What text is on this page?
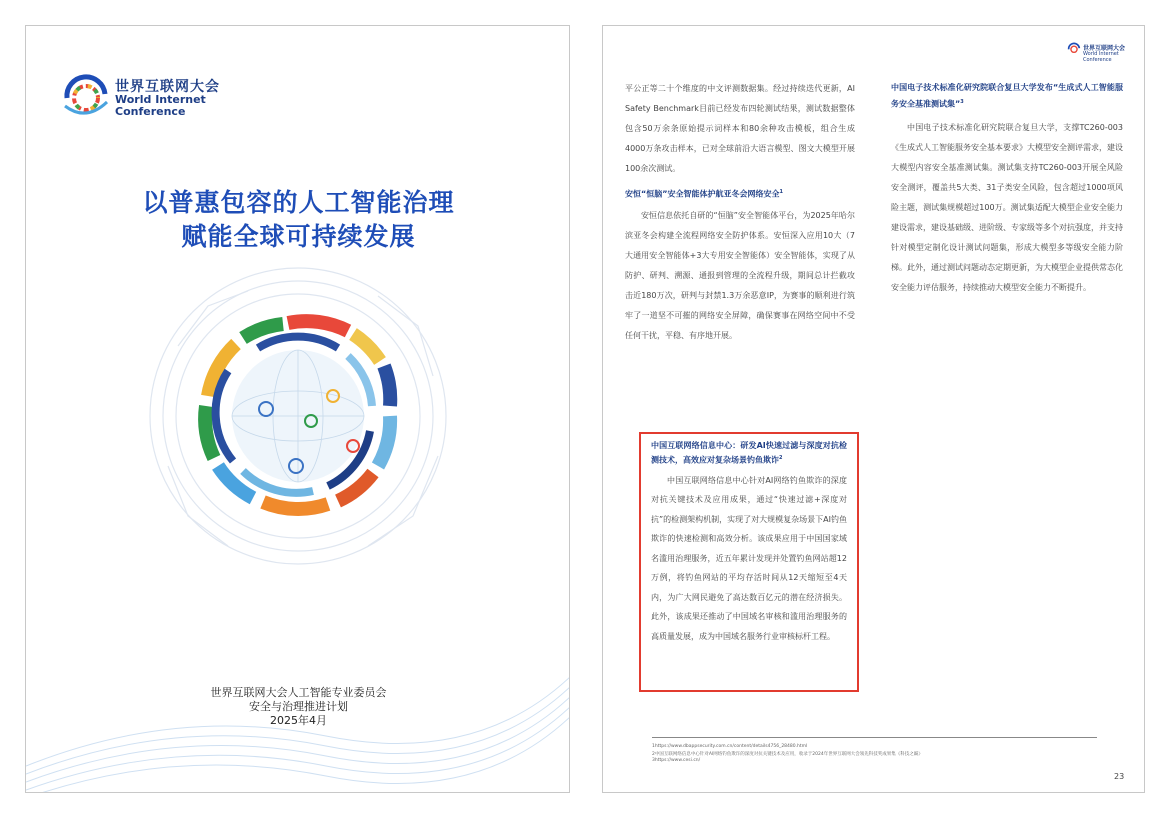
世界互联网大会
World Internet
Conference
以普惠包容的人工智能治理
赋能全球可持续发展
世界互联网大会人工智能专业委员会
安全与治理推进计划
2025年4月
世界互联网大会
World Internet
Conference

平公正等二十个维度的中文评测数据集。经过持续迭代更新，AI Safety Benchmark目前已经发布四轮测试结果，测试数据整体包含50万余条原始提示词样本和80余种攻击模板，组合生成 4000万条攻击样本，已对全球前沿大语言模型、图文大模型开展100余次测试。

安恒“恒脑”安全智能体护航亚冬会网络安全$^1$

安恒信息依托自研的“恒脑”安全智能体平台，为2025年哈尔滨亚冬会构建全流程网络安全防护体系。安恒深入应用10大（7大通用安全智能体+3大专用安全智能体）安全智能体，实现了从防护、研判、溯源、通报到管理的全流程升级，期间总计拦截攻击近180万次，研判与封禁1.3万余恶意IP，为赛事的顺利进行筑牢了一道坚不可摧的网络安全屏障，确保赛事在网络空间中不受任何干扰，平稳、有序地开展。

中国互联网络信息中心：研发AI快速过滤与深度对抗检测技术，高效应对复杂场景钓鱼欺诈$^2$

中国互联网络信息中心针对AI网络钓鱼欺诈的深度对抗关键技术及应用成果，通过“快速过滤+深度对抗”的检测架构机制，实现了对大规模复杂场景下AI钓鱼欺诈的快速检测和高效分析。该成果应用于中国国家域名滥用治理服务，近五年累计发现并处置钓鱼网站超12万例，将钓鱼网站的平均存活时间从12天缩短至4天内，为广大网民避免了高达数百亿元的潜在经济损失。此外，该成果还推动了中国域名审核和滥用治理服务的高质量发展，成为中国域名服务行业审核标杆工程。

中国电子技术标准化研究院联合复旦大学发布“生成式人工智能服务安全基准测试集”$^3$

中国电子技术标准化研究院联合复旦大学，支撑TC260-003《生成式人工智能服务安全基本要求》大模型安全测评需求，建设大模型内容安全基准测试集。测试集支持TC260-003开展全风险安全测评，覆盖共5大类、31子类安全风险，包含超过1000项风险主题，测试集规模超过100万。测试集适配大模型企业安全能力建设需求，建设基础级、进阶级、专家级等多个对抗强度，并支持针对模型定制化设计测试问题集，形成大模型多等级安全能力阶梯。此外，通过测试问题动态定期更新，为大模型企业提供常态化安全能力评估服务，持续推动大模型安全能力不断提升。

1https://www.dbappsecurity.com.cn/content/details4756_28480.html
2中国互联网络信息中心针对AI网络钓鱼欺诈的深度对抗关键技术及应用，收录于2024年世界互联网大会领先科技奖成果集《科技之巅》
3https://www.cesi.cn/
23
